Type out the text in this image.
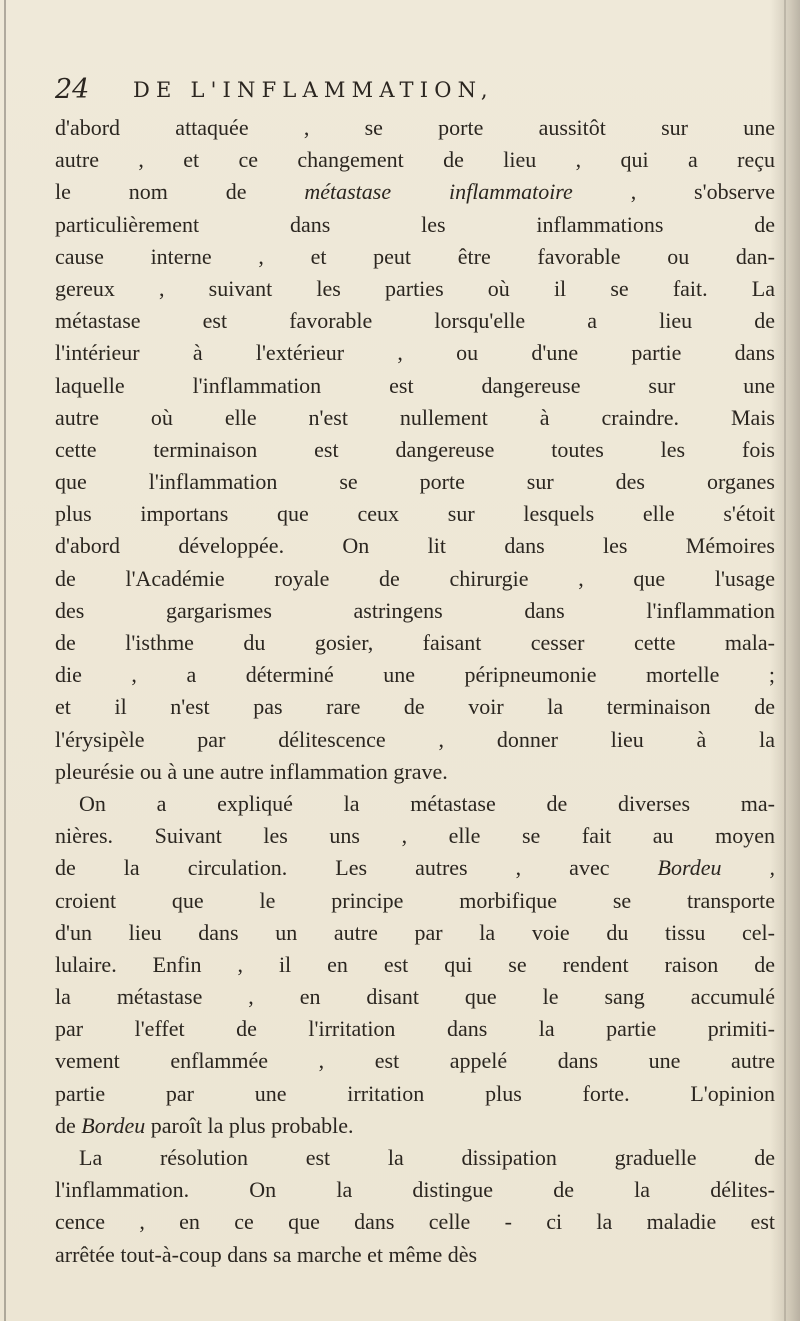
24 DE L'INFLAMMATION,
d'abord attaquée , se porte aussitôt sur une
autre , et ce changement de lieu , qui a reçu
le nom de métastase inflammatoire , s'observe
particulièrement dans les inflammations de
cause interne , et peut être favorable ou dan-
gereux , suivant les parties où il se fait. La
métastase est favorable lorsqu'elle a lieu de
l'intérieur à l'extérieur , ou d'une partie dans
laquelle l'inflammation est dangereuse sur une
autre où elle n'est nullement à craindre. Mais
cette terminaison est dangereuse toutes les fois
que l'inflammation se porte sur des organes
plus importans que ceux sur lesquels elle s'étoit
d'abord développée. On lit dans les Mémoires
de l'Académie royale de chirurgie , que l'usage
des gargarismes astringens dans l'inflammation
de l'isthme du gosier, faisant cesser cette mala-
die , a déterminé une péripneumonie mortelle ;
et il n'est pas rare de voir la terminaison de
l'érysipèle par délitescence , donner lieu à la
pleurésie ou à une autre inflammation grave.
On a expliqué la métastase de diverses ma-
nières. Suivant les uns , elle se fait au moyen
de la circulation. Les autres , avec Bordeu ,
croient que le principe morbifique se transporte
d'un lieu dans un autre par la voie du tissu cel-
lulaire. Enfin , il en est qui se rendent raison de
la métastase , en disant que le sang accumulé
par l'effet de l'irritation dans la partie primiti-
vement enflammée , est appelé dans une autre
partie par une irritation plus forte. L'opinion
de Bordeu paroît la plus probable.
La résolution est la dissipation graduelle de
l'inflammation. On la distingue de la délites-
cence , en ce que dans celle - ci la maladie est
arrêtée tout-à-coup dans sa marche et même dès
